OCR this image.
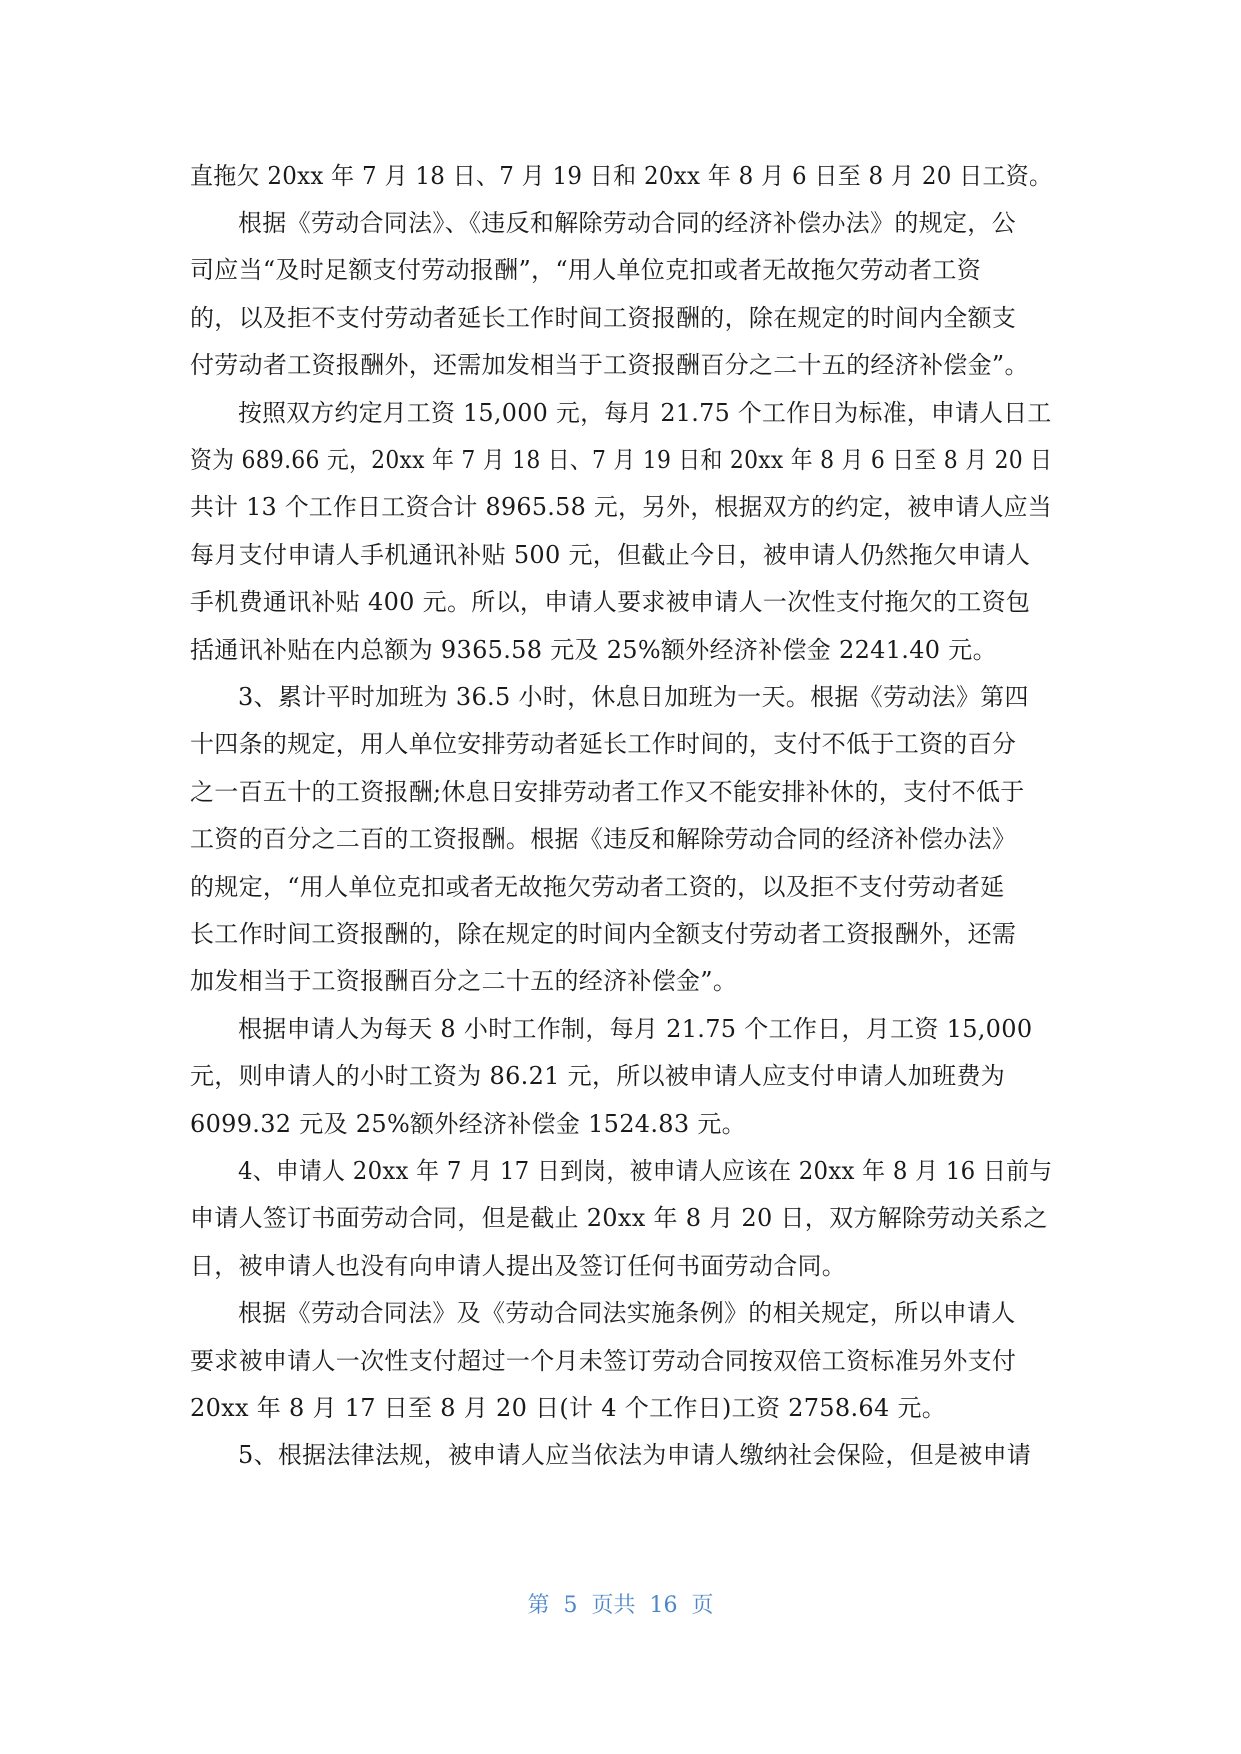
直拖欠 20xx 年 7 月 18 日、7 月 19 日和 20xx 年 8 月 6 日至 8 月 20 日工资。
根据《劳动合同法》、《违反和解除劳动合同的经济补偿办法》的规定，公
司应当“及时足额支付劳动报酬”，“用人单位克扣或者无故拖欠劳动者工资
的，以及拒不支付劳动者延长工作时间工资报酬的，除在规定的时间内全额支
付劳动者工资报酬外，还需加发相当于工资报酬百分之二十五的经济补偿金”。
按照双方约定月工资 15,000 元，每月 21.75 个工作日为标准，申请人日工
资为 689.66 元，20xx 年 7 月 18 日、7 月 19 日和 20xx 年 8 月 6 日至 8 月 20 日
共计 13 个工作日工资合计 8965.58 元，另外，根据双方的约定，被申请人应当
每月支付申请人手机通讯补贴 500 元，但截止今日，被申请人仍然拖欠申请人
手机费通讯补贴 400 元。所以，申请人要求被申请人一次性支付拖欠的工资包
括通讯补贴在内总额为 9365.58 元及 25%额外经济补偿金 2241.40 元。
3、累计平时加班为 36.5 小时，休息日加班为一天。根据《劳动法》第四
十四条的规定，用人单位安排劳动者延长工作时间的，支付不低于工资的百分
之一百五十的工资报酬;休息日安排劳动者工作又不能安排补休的，支付不低于
工资的百分之二百的工资报酬。根据《违反和解除劳动合同的经济补偿办法》
的规定，“用人单位克扣或者无故拖欠劳动者工资的，以及拒不支付劳动者延
长工作时间工资报酬的，除在规定的时间内全额支付劳动者工资报酬外，还需
加发相当于工资报酬百分之二十五的经济补偿金”。
根据申请人为每天 8 小时工作制，每月 21.75 个工作日，月工资 15,000
元，则申请人的小时工资为 86.21 元，所以被申请人应支付申请人加班费为
6099.32 元及 25%额外经济补偿金 1524.83 元。
4、申请人 20xx 年 7 月 17 日到岗，被申请人应该在 20xx 年 8 月 16 日前与
申请人签订书面劳动合同，但是截止 20xx 年 8 月 20 日，双方解除劳动关系之
日，被申请人也没有向申请人提出及签订任何书面劳动合同。
根据《劳动合同法》及《劳动合同法实施条例》的相关规定，所以申请人
要求被申请人一次性支付超过一个月未签订劳动合同按双倍工资标准另外支付
20xx 年 8 月 17 日至 8 月 20 日(计 4 个工作日)工资 2758.64 元。
5、根据法律法规，被申请人应当依法为申请人缴纳社会保险，但是被申请
第  5  页共  16  页
